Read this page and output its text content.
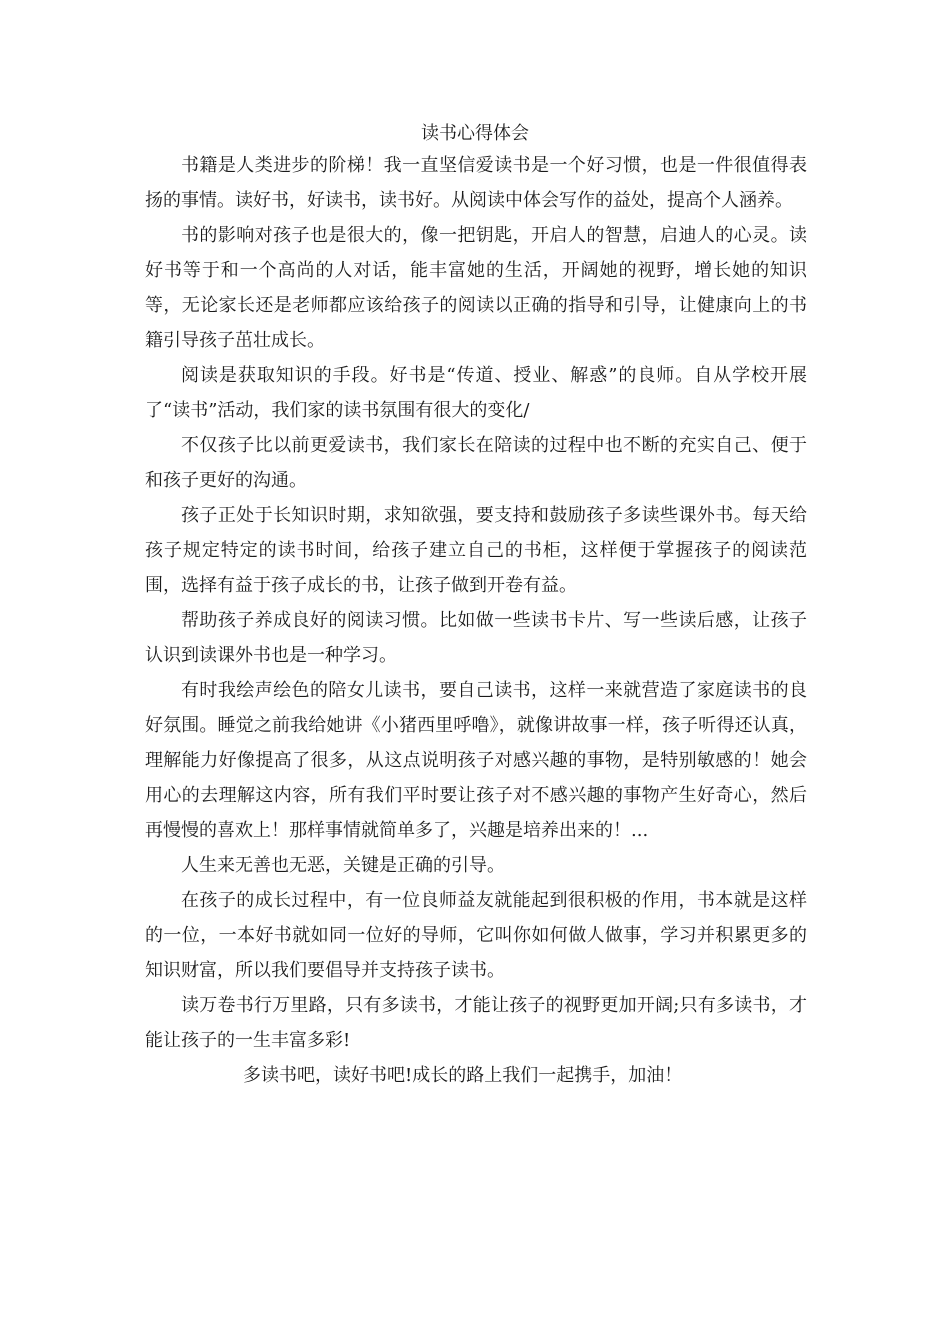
读书心得体会

书籍是人类进步的阶梯！我一直坚信爱读书是一个好习惯，也是一件很值得表扬的事情。读好书，好读书，读书好。从阅读中体会写作的益处，提高个人涵养。

书的影响对孩子也是很大的，像一把钥匙，开启人的智慧，启迪人的心灵。读好书等于和一个高尚的人对话，能丰富她的生活，开阔她的视野，增长她的知识等，无论家长还是老师都应该给孩子的阅读以正确的指导和引导，让健康向上的书籍引导孩子茁壮成长。

阅读是获取知识的手段。好书是“传道、授业、解惑”的良师。自从学校开展了“读书”活动，我们家的读书氛围有很大的变化/

不仅孩子比以前更爱读书，我们家长在陪读的过程中也不断的充实自己、便于和孩子更好的沟通。

孩子正处于长知识时期，求知欲强，要支持和鼓励孩子多读些课外书。每天给孩子规定特定的读书时间，给孩子建立自己的书柜，这样便于掌握孩子的阅读范围，选择有益于孩子成长的书，让孩子做到开卷有益。

帮助孩子养成良好的阅读习惯。比如做一些读书卡片、写一些读后感，让孩子认识到读课外书也是一种学习。

有时我绘声绘色的陪女儿读书，要自己读书，这样一来就营造了家庭读书的良好氛围。睡觉之前我给她讲《小猪西里呼噜》，就像讲故事一样，孩子听得还认真，理解能力好像提高了很多，从这点说明孩子对感兴趣的事物，是特别敏感的！她会用心的去理解这内容，所有我们平时要让孩子对不感兴趣的事物产生好奇心，然后再慢慢的喜欢上！那样事情就简单多了，兴趣是培养出来的！...

人生来无善也无恶，关键是正确的引导。

在孩子的成长过程中，有一位良师益友就能起到很积极的作用，书本就是这样的一位，一本好书就如同一位好的导师，它叫你如何做人做事，学习并积累更多的知识财富，所以我们要倡导并支持孩子读书。

读万卷书行万里路，只有多读书，才能让孩子的视野更加开阔;只有多读书，才能让孩子的一生丰富多彩!

多读书吧，读好书吧!成长的路上我们一起携手，加油！
